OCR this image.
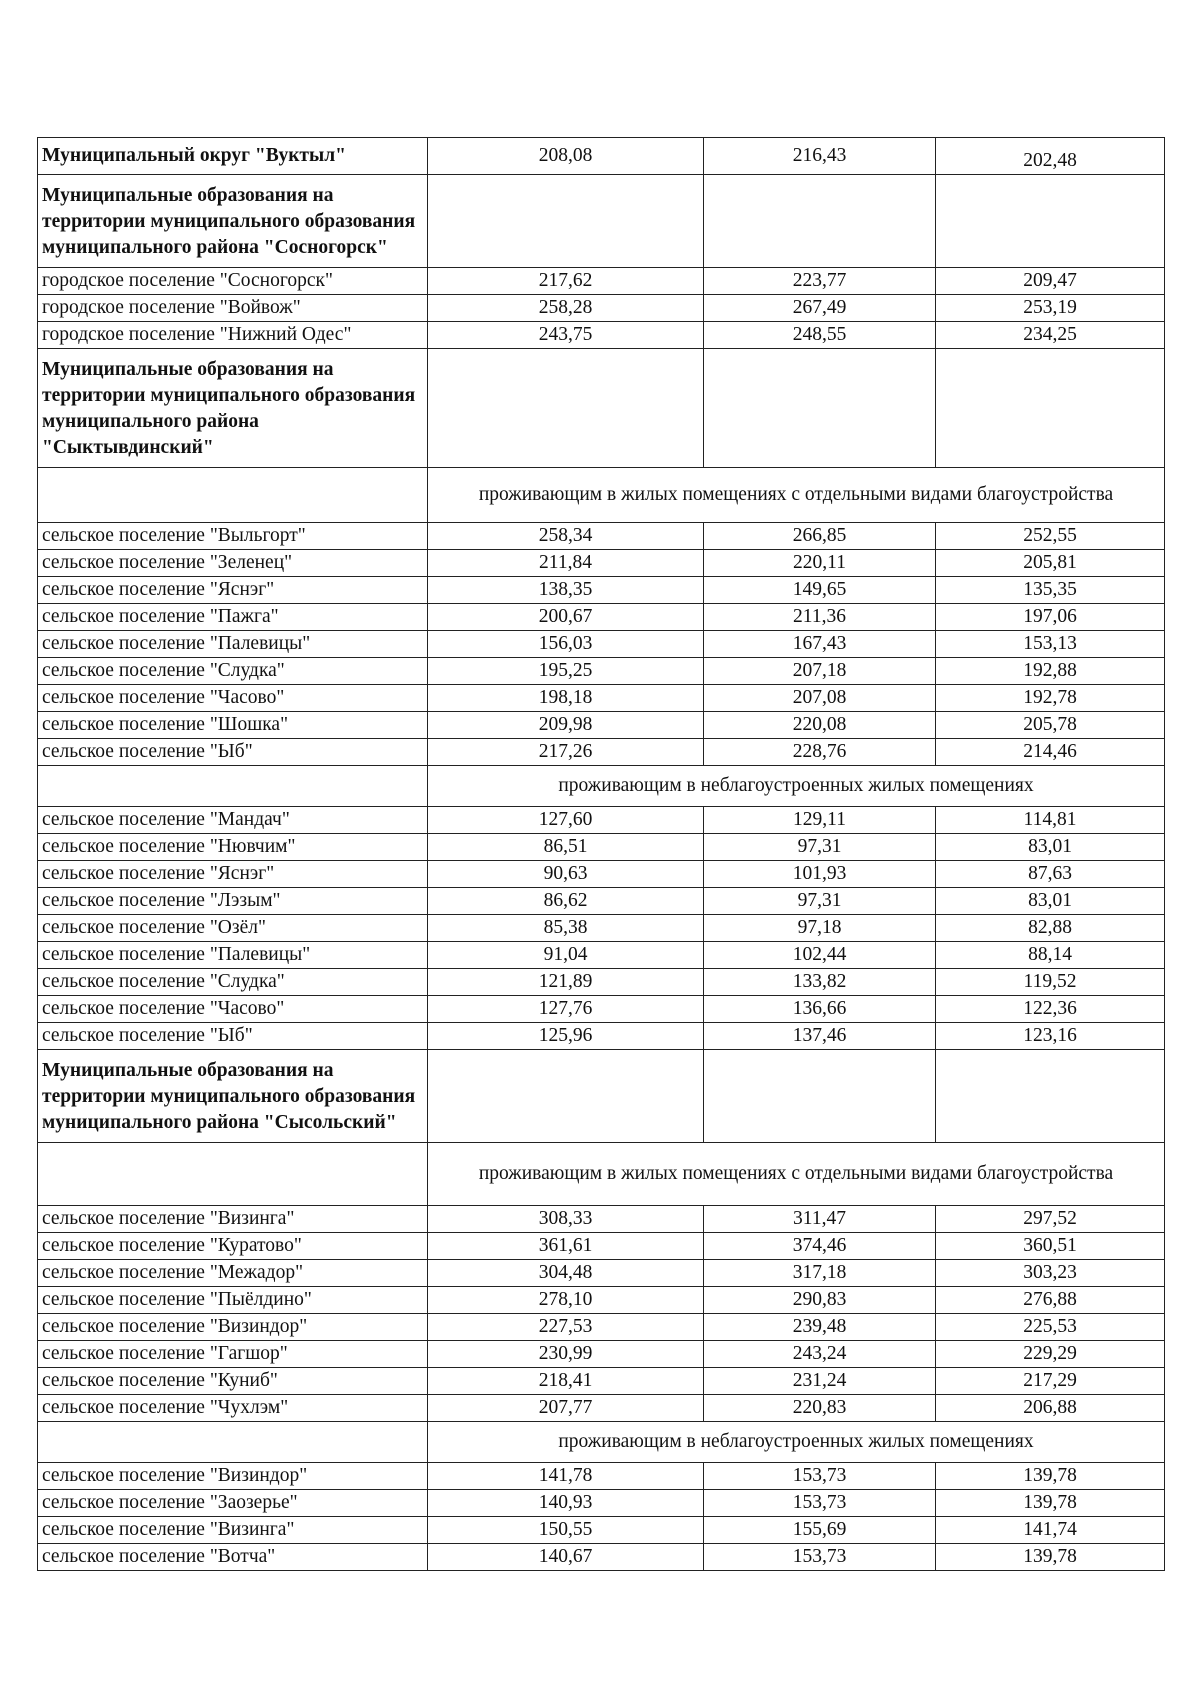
Муниципальный округ "Вуктыл"	208,08	216,43	202,48
Муниципальные образования на территории муниципального образования муниципального района "Сосногорск"			
городское поселение "Сосногорск"	217,62	223,77	209,47
городское поселение "Войвож"	258,28	267,49	253,19
городское поселение "Нижний Одес"	243,75	248,55	234,25
Муниципальные образования на территории муниципального образования муниципального района "Сыктывдинский"			
	проживающим в жилых помещениях с отдельными видами благоустройства		
сельское поселение "Выльгорт"	258,34	266,85	252,55
сельское поселение "Зеленец"	211,84	220,11	205,81
сельское поселение "Яснэг"	138,35	149,65	135,35
сельское поселение "Пажга"	200,67	211,36	197,06
сельское поселение "Палевицы"	156,03	167,43	153,13
сельское поселение "Слудка"	195,25	207,18	192,88
сельское поселение "Часово"	198,18	207,08	192,78
сельское поселение "Шошка"	209,98	220,08	205,78
сельское поселение "Ыб"	217,26	228,76	214,46
	проживающим в неблагоустроенных жилых помещениях		
сельское поселение "Мандач"	127,60	129,11	114,81
сельское поселение "Нювчим"	86,51	97,31	83,01
сельское поселение "Яснэг"	90,63	101,93	87,63
сельское поселение "Лэзым"	86,62	97,31	83,01
сельское поселение "Озёл"	85,38	97,18	82,88
сельское поселение "Палевицы"	91,04	102,44	88,14
сельское поселение "Слудка"	121,89	133,82	119,52
сельское поселение "Часово"	127,76	136,66	122,36
сельское поселение "Ыб"	125,96	137,46	123,16
Муниципальные образования на территории муниципального образования муниципального района "Сысольский"			
	проживающим в жилых помещениях с отдельными видами благоустройства		
сельское поселение "Визинга"	308,33	311,47	297,52
сельское поселение "Куратово"	361,61	374,46	360,51
сельское поселение "Межадор"	304,48	317,18	303,23
сельское поселение "Пыёлдино"	278,10	290,83	276,88
сельское поселение "Визиндор"	227,53	239,48	225,53
сельское поселение "Гагшор"	230,99	243,24	229,29
сельское поселение "Куниб"	218,41	231,24	217,29
сельское поселение "Чухлэм"	207,77	220,83	206,88
	проживающим в неблагоустроенных жилых помещениях		
сельское поселение "Визиндор"	141,78	153,73	139,78
сельское поселение "Заозерье"	140,93	153,73	139,78
сельское поселение "Визинга"	150,55	155,69	141,74
сельское поселение "Вотча"	140,67	153,73	139,78
